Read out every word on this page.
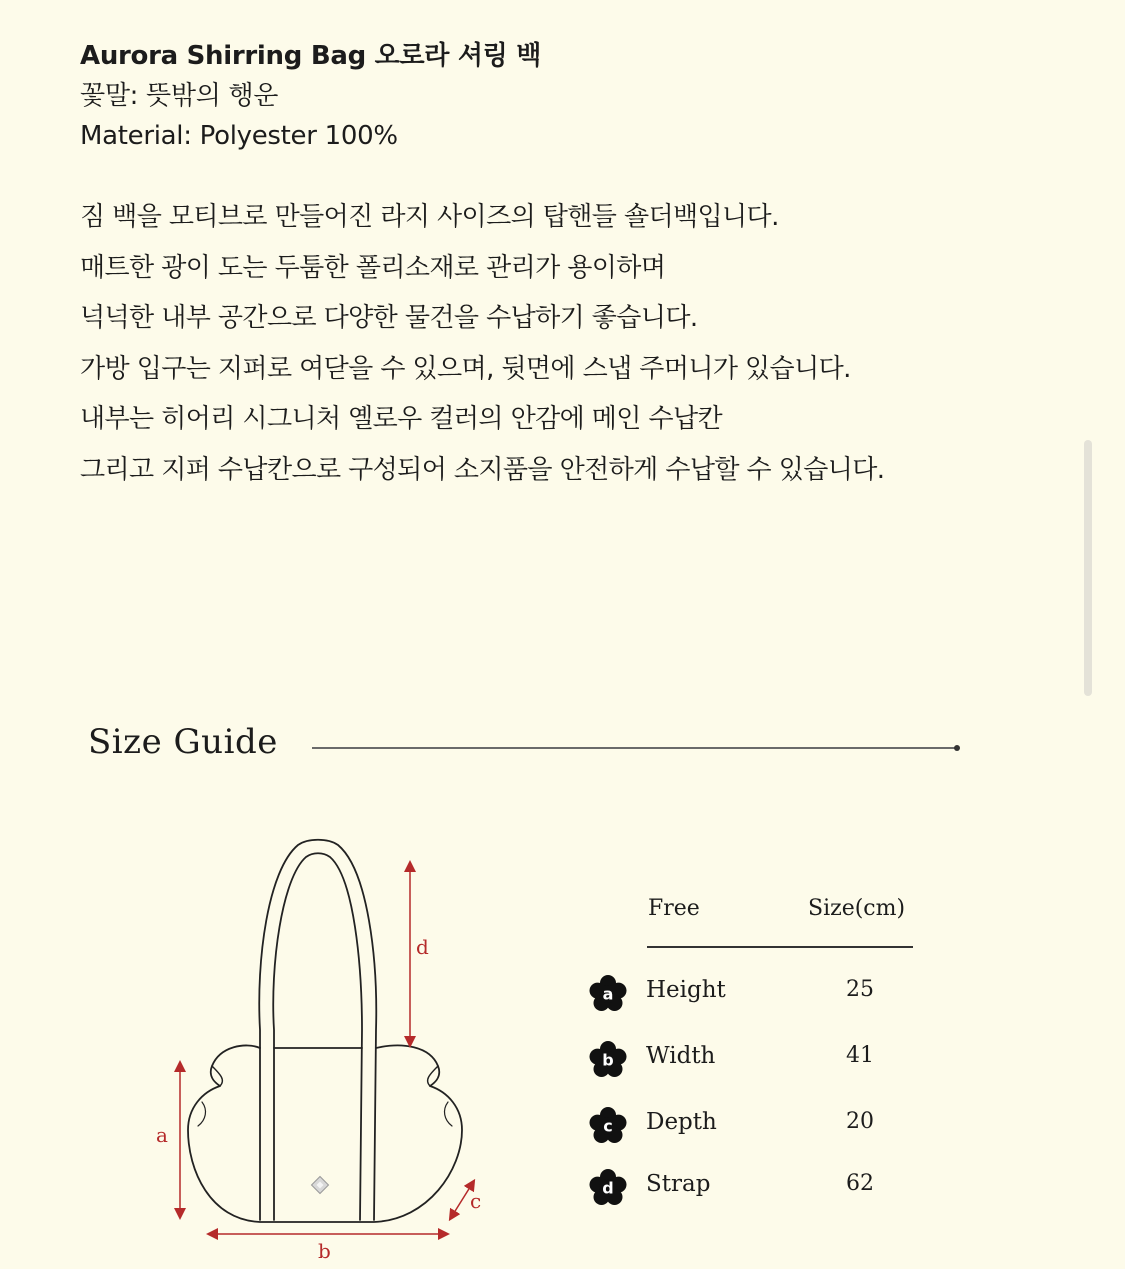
Aurora Shirring Bag 오로라 셔링 백
꽃말: 뜻밖의 행운
Material: Polyester 100%
짐 백을 모티브로 만들어진 라지 사이즈의 탑핸들 숄더백입니다.
매트한 광이 도는 두툼한 폴리소재로 관리가 용이하며
넉넉한 내부 공간으로 다양한 물건을 수납하기 좋습니다.
가방 입구는 지퍼로 여닫을 수 있으며, 뒷면에 스냅 주머니가 있습니다.
내부는 히어리 시그니처 옐로우 컬러의 안감에 메인 수납칸
그리고 지퍼 수납칸으로 구성되어 소지품을 안전하게 수납할 수 있습니다.
Size Guide
d
a
b
c
Free	Size(cm)
a Height	25
b Width	41
c Depth	20
d Strap	62
